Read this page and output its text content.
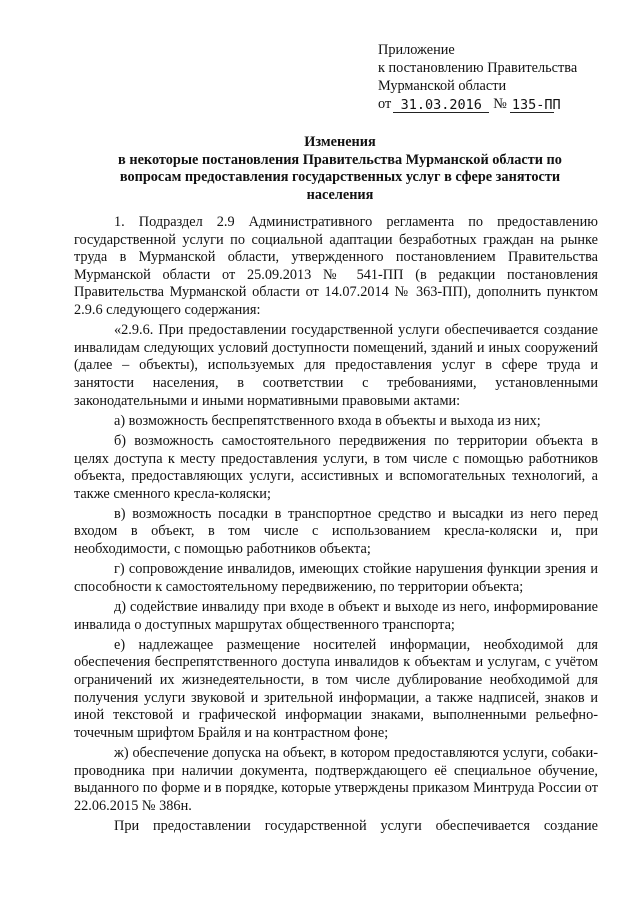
Приложение
к постановлению Правительства
Мурманской области
от 31.03.2016 № 135-ПП
Изменения
в некоторые постановления Правительства Мурманской области по
вопросам предоставления государственных услуг в сфере занятости
населения

1. Подраздел 2.9 Административного регламента по предоставлению государственной услуги по социальной адаптации безработных граждан на рынке труда в Мурманской области, утвержденного постановлением Правительства Мурманской области от 25.09.2013 № 541-ПП (в редакции постановления Правительства Мурманской области от 14.07.2014 № 363-ПП), дополнить пунктом 2.9.6 следующего содержания:

«2.9.6. При предоставлении государственной услуги обеспечивается создание инвалидам следующих условий доступности помещений, зданий и иных сооружений (далее – объекты), используемых для предоставления услуг в сфере труда и занятости населения, в соответствии с требованиями, установленными законодательными и иными нормативными правовыми актами:

а) возможность беспрепятственного входа в объекты и выхода из них;

б) возможность самостоятельного передвижения по территории объекта в целях доступа к месту предоставления услуги, в том числе с помощью работников объекта, предоставляющих услуги, ассистивных и вспомогательных технологий, а также сменного кресла-коляски;

в) возможность посадки в транспортное средство и высадки из него перед входом в объект, в том числе с использованием кресла-коляски и, при необходимости, с помощью работников объекта;

г) сопровождение инвалидов, имеющих стойкие нарушения функции зрения и способности к самостоятельному передвижению, по территории объекта;

д) содействие инвалиду при входе в объект и выходе из него, информирование инвалида о доступных маршрутах общественного транспорта;

е) надлежащее размещение носителей информации, необходимой для обеспечения беспрепятственного доступа инвалидов к объектам и услугам, с учётом ограничений их жизнедеятельности, в том числе дублирование необходимой для получения услуги звуковой и зрительной информации, а также надписей, знаков и иной текстовой и графической информации знаками, выполненными рельефно-точечным шрифтом Брайля и на контрастном фоне;

ж) обеспечение допуска на объект, в котором предоставляются услуги, собаки-проводника при наличии документа, подтверждающего её специальное обучение, выданного по форме и в порядке, которые утверждены приказом Минтруда России от 22.06.2015 № 386н.

При предоставлении государственной услуги обеспечивается создание
